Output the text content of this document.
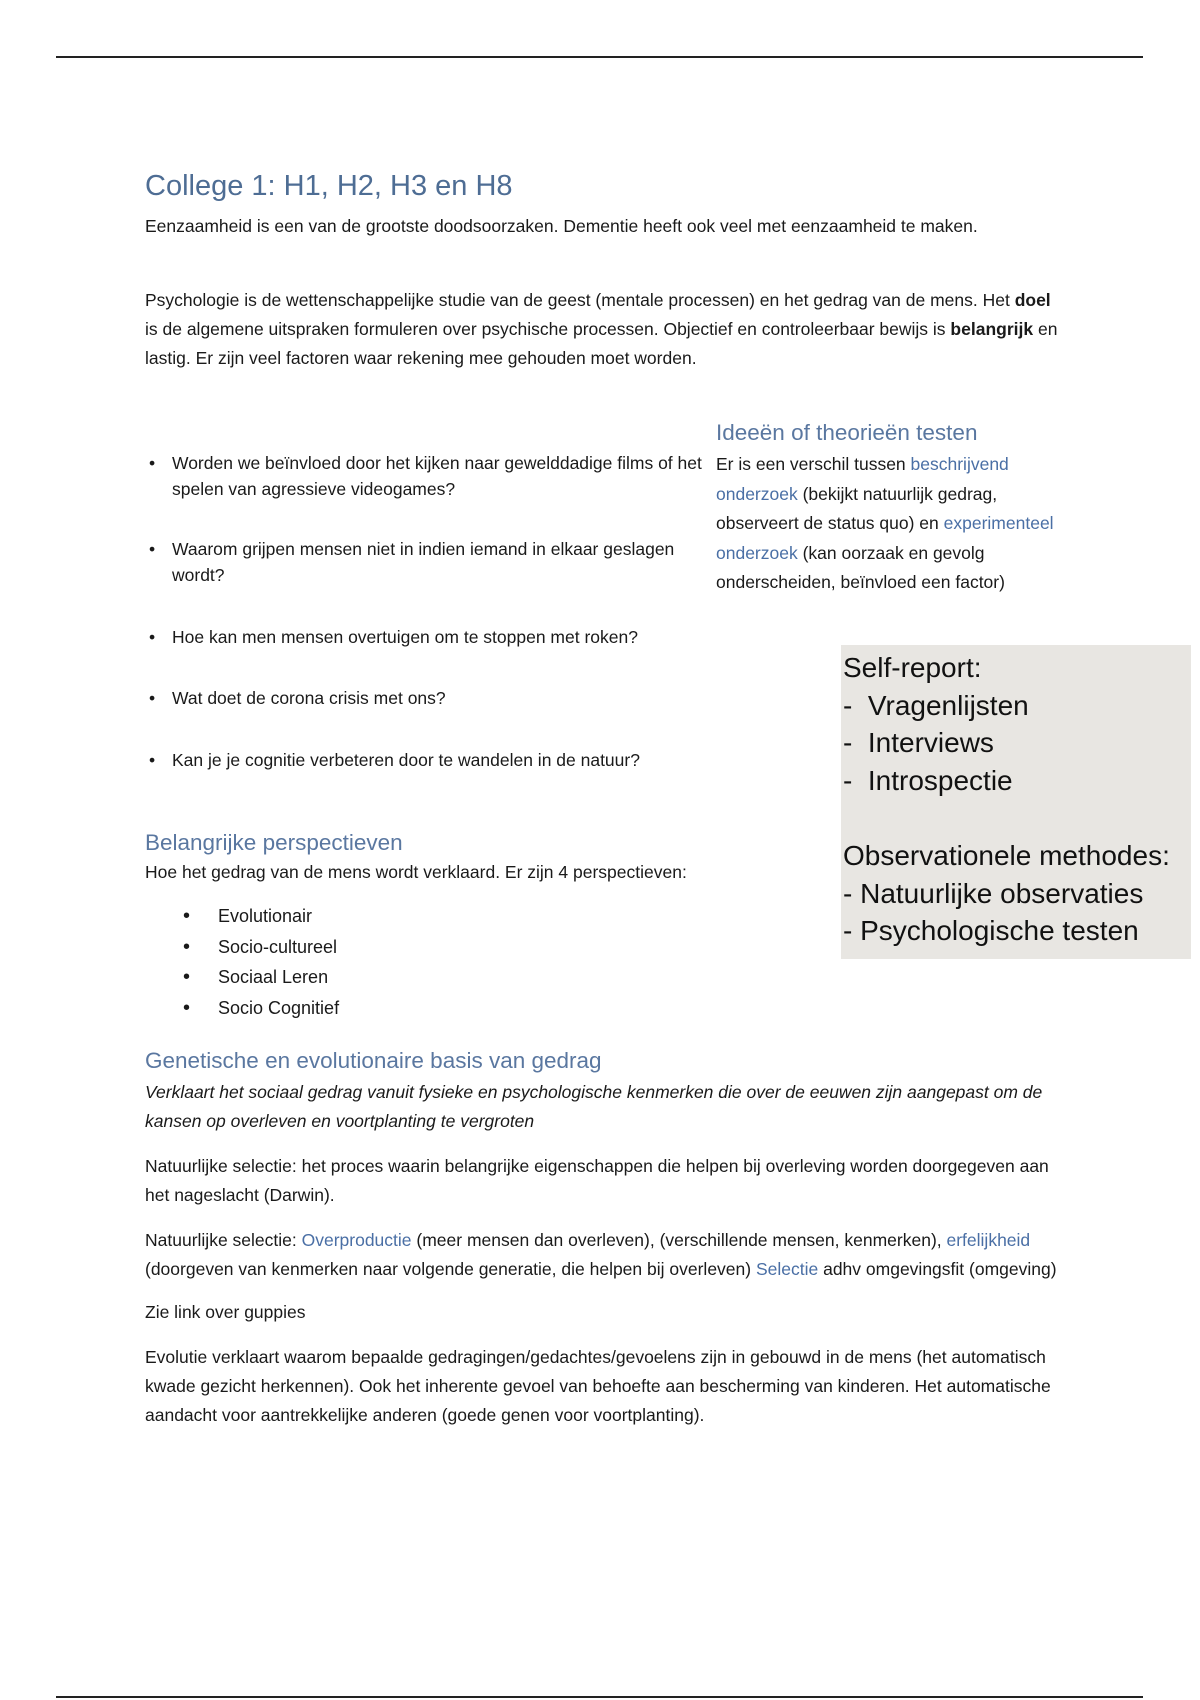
College 1: H1, H2, H3 en H8

Eenzaamheid is een van de grootste doodsoorzaken. Dementie heeft ook veel met eenzaamheid te maken.

Psychologie is de wettenschappelijke studie van de geest (mentale processen) en het gedrag van de mens. Het doel is de algemene uitspraken formuleren over psychische processen. Objectief en controleerbaar bewijs is belangrijk en lastig. Er zijn veel factoren waar rekening mee gehouden moet worden.

• Worden we beïnvloed door het kijken naar gewelddadige films of het spelen van agressieve videogames?
• Waarom grijpen mensen niet in indien iemand in elkaar geslagen wordt?
• Hoe kan men mensen overtuigen om te stoppen met roken?
• Wat doet de corona crisis met ons?
• Kan je je cognitie verbeteren door te wandelen in de natuur?
Ideeën of theorieën testen

Er is een verschil tussen beschrijvend onderzoek (bekijkt natuurlijk gedrag, observeert de status quo) en experimenteel onderzoek (kan oorzaak en gevolg onderscheiden, beïnvloed een factor)

Self-report:
-  Vragenlijsten
-  Interviews
-  Introspectie
Observationele methodes:
- Natuurlijke observaties
- Psychologische testen
Belangrijke perspectieven

Hoe het gedrag van de mens wordt verklaard. Er zijn 4 perspectieven:

• Evolutionair
• Socio-cultureel
• Sociaal Leren
• Socio Cognitief
Genetische en evolutionaire basis van gedrag

Verklaart het sociaal gedrag vanuit fysieke en psychologische kenmerken die over de eeuwen zijn aangepast om de kansen op overleven en voortplanting te vergroten

Natuurlijke selectie: het proces waarin belangrijke eigenschappen die helpen bij overleving worden doorgegeven aan het nageslacht (Darwin).

Natuurlijke selectie: Overproductie (meer mensen dan overleven), (verschillende mensen, kenmerken), erfelijkheid (doorgeven van kenmerken naar volgende generatie, die helpen bij overleven) Selectie adhv omgevingsfit (omgeving)

Zie link over guppies

Evolutie verklaart waarom bepaalde gedragingen/gedachtes/gevoelens zijn in gebouwd in de mens (het automatisch kwade gezicht herkennen). Ook het inherente gevoel van behoefte aan bescherming van kinderen. Het automatische aandacht voor aantrekkelijke anderen (goede genen voor voortplanting).
